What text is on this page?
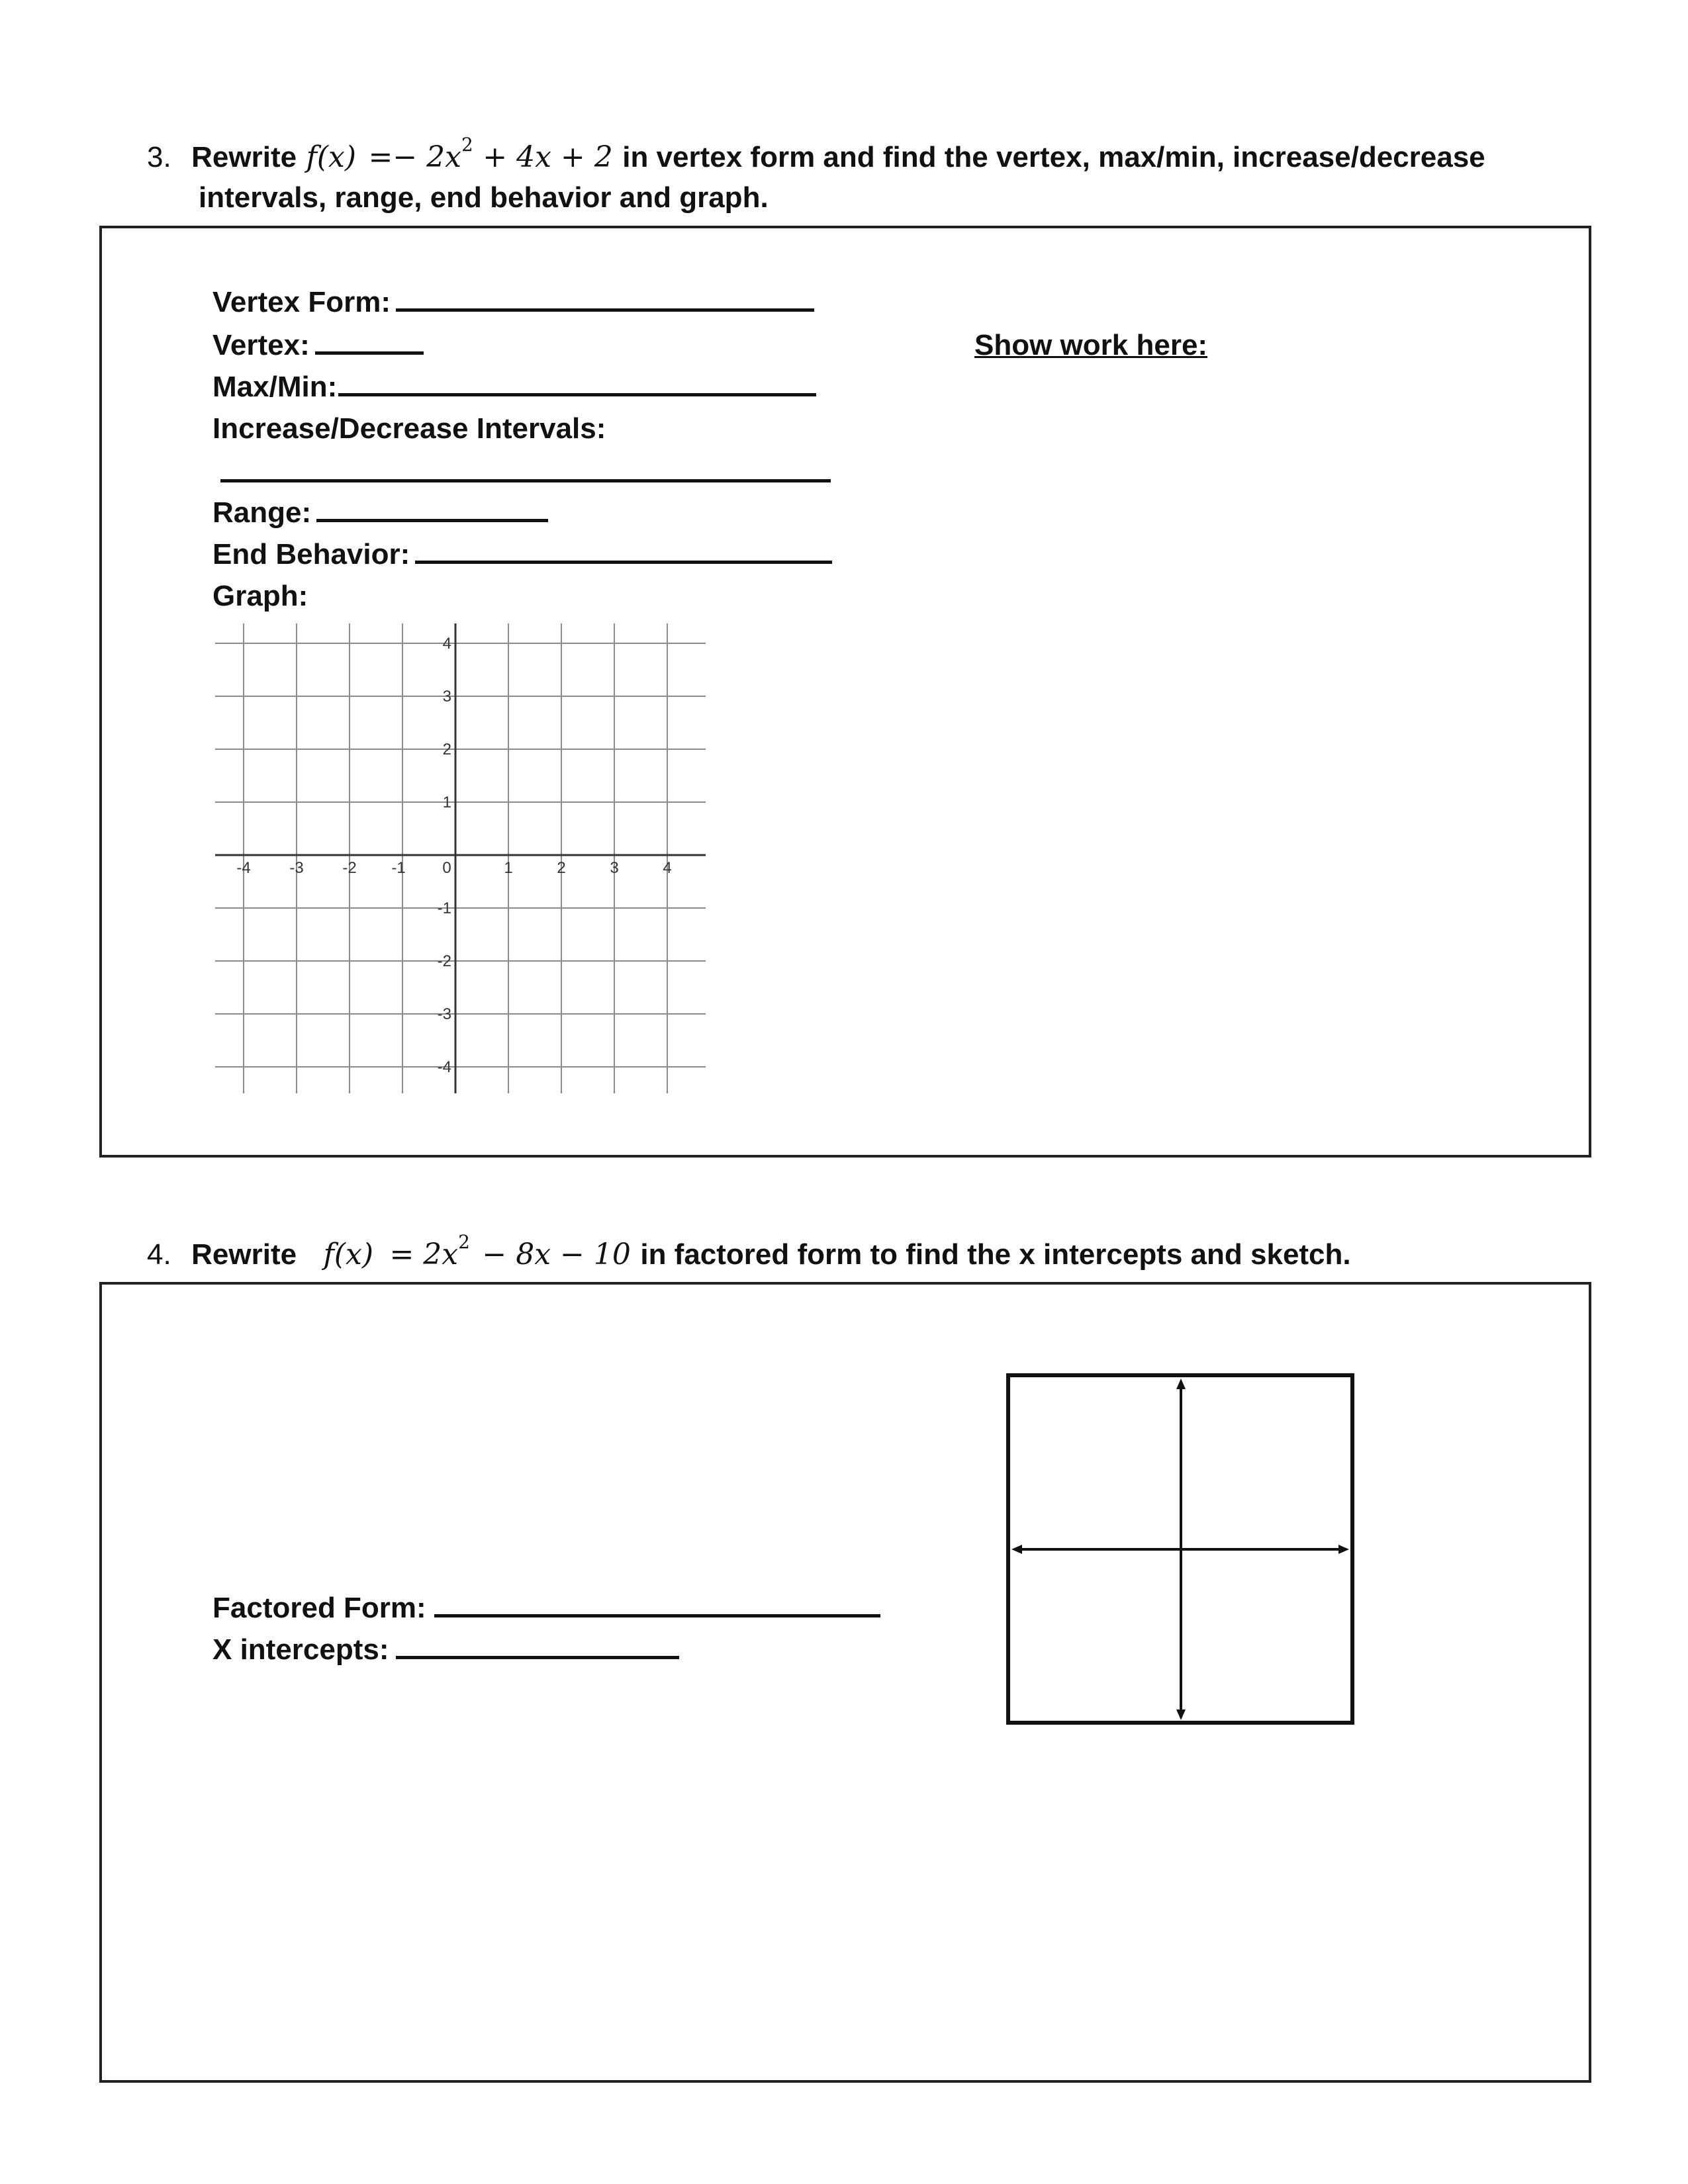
3. Rewrite f(x) =− 2x2 + 4x + 2 in vertex form and find the vertex, max/min, increase/decrease
intervals, range, end behavior and graph.
Vertex Form:
Vertex:
Max/Min:
Increase/Decrease Intervals:
Range:
End Behavior:
Graph:
Show work here:
-4 -3 -2 -1 0	1	2	3	4
4
3
2
1
-1
-2
-3
-4
4. Rewrite f(x) = 2x2 − 8x − 10 in factored form to find the x intercepts and sketch.
Factored Form:
X intercepts:
